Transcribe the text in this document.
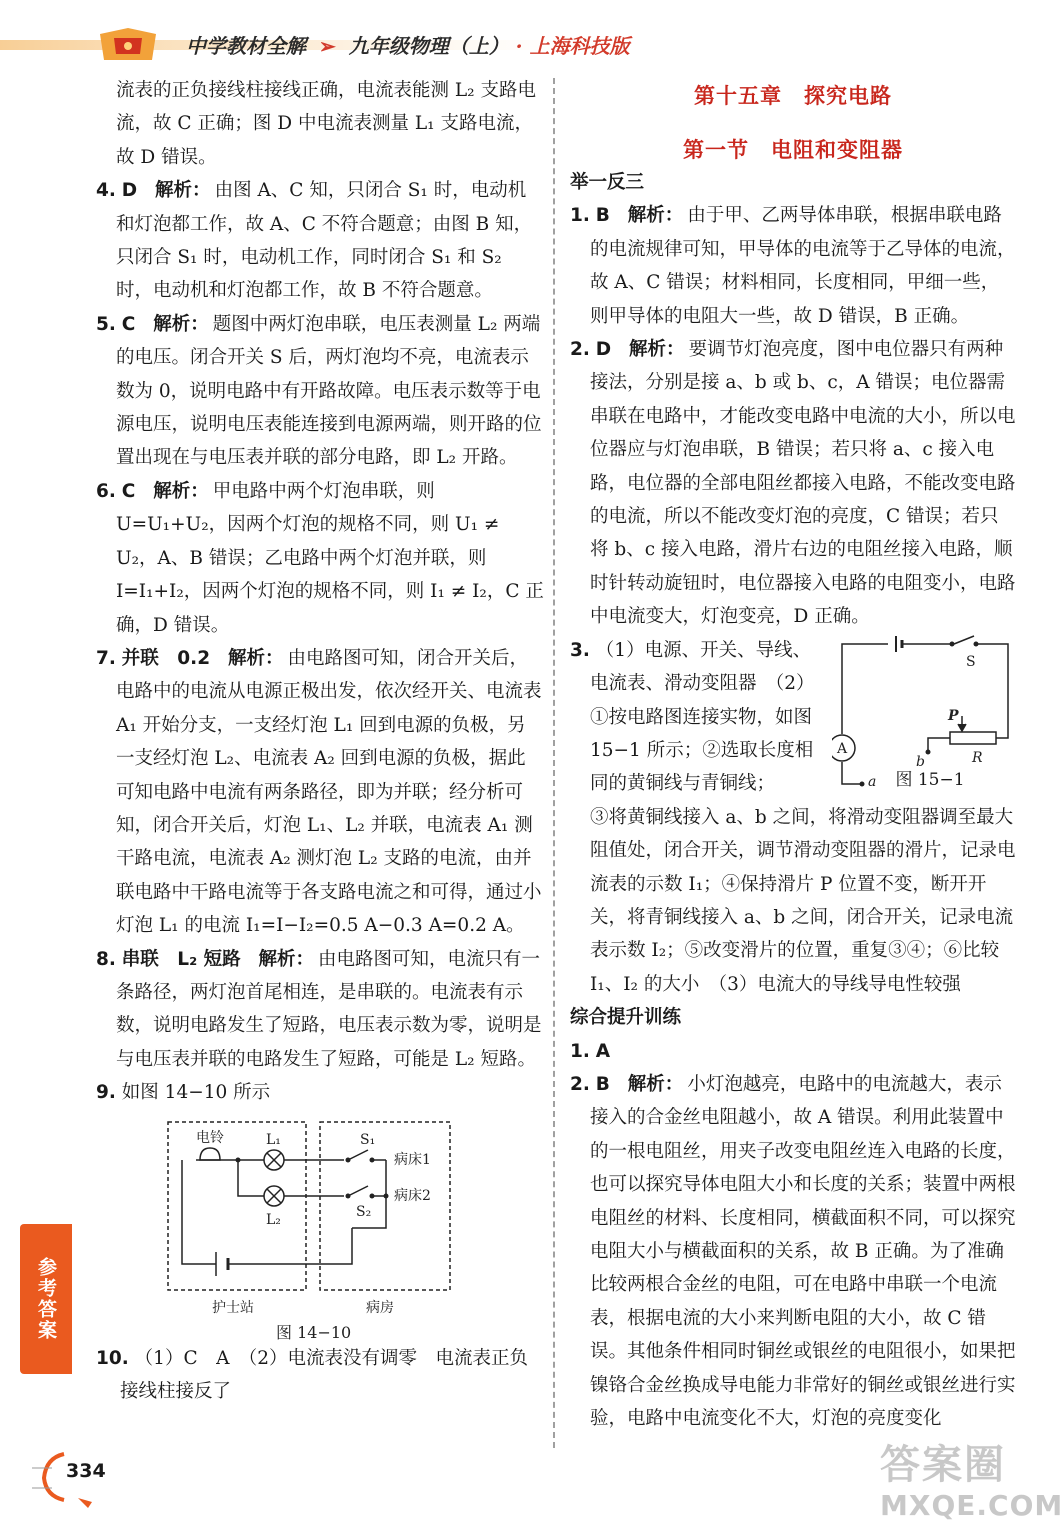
中学教材全解 ➢ 九年级物理（上） · 上海科技版

流表的正负接线柱接线正确，电流表能测 L₂ 支路电流，故 C 正确；图 D 中电流表测量 L₁ 支路电流，故 D 错误。

4. D 解析： 由图 A、C 知，只闭合 S₁ 时，电动机和灯泡都工作，故 A、C 不符合题意；由图 B 知，只闭合 S₁ 时，电动机工作，同时闭合 S₁ 和 S₂ 时，电动机和灯泡都工作，故 B 不符合题意。

5. C 解析： 题图中两灯泡串联，电压表测量 L₂ 两端的电压。闭合开关 S 后，两灯泡均不亮，电流表示数为 0，说明电路中有开路故障。电压表示数等于电源电压，说明电压表能连接到电源两端，则开路的位置出现在与电压表并联的部分电路，即 L₂ 开路。

6. C 解析： 甲电路中两个灯泡串联，则 U=U₁+U₂，因两个灯泡的规格不同，则 U₁ ≠ U₂，A、B 错误；乙电路中两个灯泡并联，则 I=I₁+I₂，因两个灯泡的规格不同，则 I₁ ≠ I₂，C 正确，D 错误。

7. 并联　0.2 解析： 由电路图可知，闭合开关后，电路中的电流从电源正极出发，依次经开关、电流表 A₁ 开始分支，一支经灯泡 L₁ 回到电源的负极，另一支经灯泡 L₂、电流表 A₂ 回到电源的负极，据此可知电路中电流有两条路径，即为并联；经分析可知，闭合开关后，灯泡 L₁、L₂ 并联，电流表 A₁ 测干路电流，电流表 A₂ 测灯泡 L₂ 支路的电流，由并联电路中干路电流等于各支路电流之和可得，通过小灯泡 L₁ 的电流 I₁=I−I₂=0.5 A−0.3 A=0.2 A。

8. 串联　L₂ 短路 解析： 由电路图可知，电流只有一条路径，两灯泡首尾相连，是串联的。电流表有示数，说明电路发生了短路，电压表示数为零，说明是与电压表并联的电路发生了短路，可能是 L₂ 短路。

9. 如图 14−10 所示

电铃	L₁
L₂
S₁
S₂
病床1
病床2
护士站	病房
图 14−10

10. （1）C　A　（2）电流表没有调零　电流表正负接线柱接反了

第十五章　探究电路
第一节　电阻和变阻器
举一反三

1. B 解析： 由于甲、乙两导体串联，根据串联电路的电流规律可知，甲导体的电流等于乙导体的电流，故 A、C 错误；材料相同，长度相同，甲细一些，则甲导体的电阻大一些，故 D 错误，B 正确。

2. D 解析： 要调节灯泡亮度，图中电位器只有两种接法，分别是接 a、b 或 b、c，A 错误；电位器需串联在电路中，才能改变电路中电流的大小，所以电位器应与灯泡串联，B 错误；若只将 a、c 接入电路，电位器的全部电阻丝都接入电路，不能改变电路的电流，所以不能改变灯泡的亮度，C 错误；若只将 b、c 接入电路，滑片右边的电阻丝接入电路，顺时针转动旋钮时，电位器接入电路的电阻变小，电路中电流变大，灯泡变亮，D 正确。

3. （1）电源、开关、导线、电流表、滑动变阻器　（2）①按电路图连接实物，如图 15−1 所示；②选取长度相同的黄铜线与青铜线；

A
S
P
R
a
b
图 15−1

③将黄铜线接入 a、b 之间，将滑动变阻器调至最大阻值处，闭合开关，调节滑动变阻器的滑片，记录电流表的示数 I₁；④保持滑片 P 位置不变，断开开关，将青铜线接入 a、b 之间，闭合开关，记录电流表示数 I₂；⑤改变滑片的位置，重复③④；⑥比较 I₁、I₂ 的大小　（3）电流大的导线导电性较强

综合提升训练

1. A

2. B 解析： 小灯泡越亮，电路中的电流越大，表示接入的合金丝电阻越小，故 A 错误。利用此装置中的一根电阻丝，用夹子改变电阻丝连入电路的长度，也可以探究导体电阻大小和长度的关系；装置中两根电阻丝的材料、长度相同，横截面积不同，可以探究电阻大小与横截面积的关系，故 B 正确。为了准确比较两根合金丝的电阻，可在电路中串联一个电流表，根据电流的大小来判断电阻的大小，故 C 错误。其他条件相同时铜丝或银丝的电阻很小，如果把镍铬合金丝换成导电能力非常好的铜丝或银丝进行实验，电路中电流变化不大，灯泡的亮度变化

参考答案
334	答案圈
MXQE.COM
